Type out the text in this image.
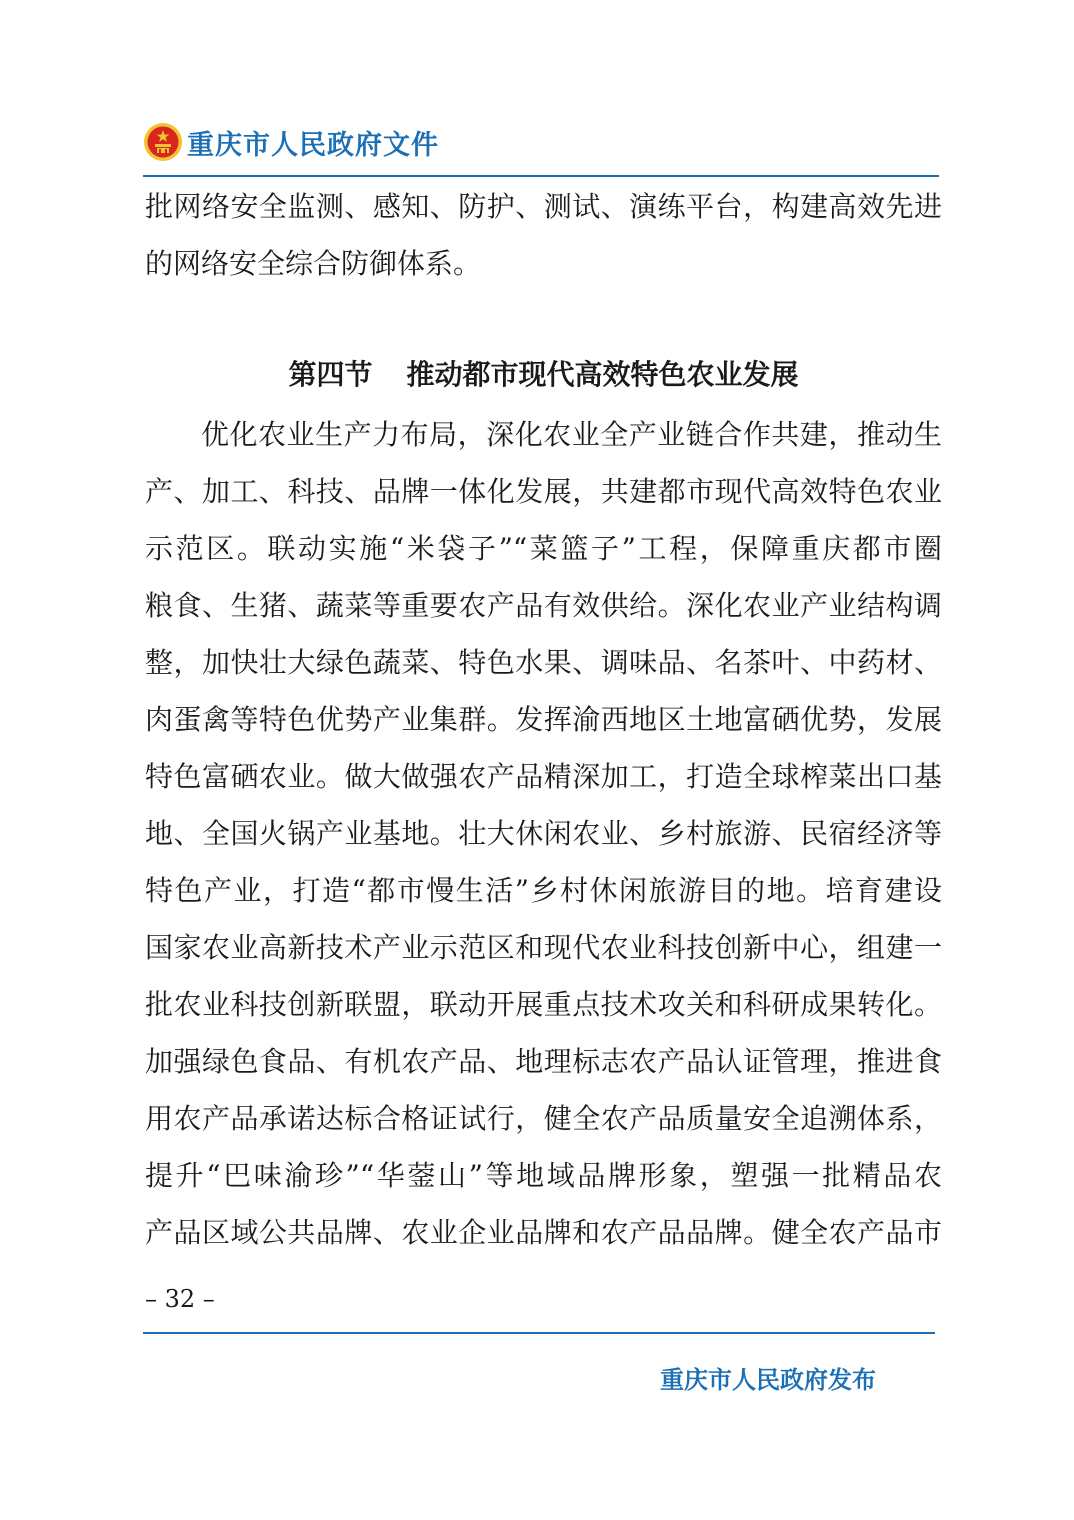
重庆市人民政府文件
批网络安全监测、感知、防护、测试、演练平台，构建高效先进
的网络安全综合防御体系。
第四节 推动都市现代高效特色农业发展
优化农业生产力布局，深化农业全产业链合作共建，推动生
产、加工、科技、品牌一体化发展，共建都市现代高效特色农业
示范区。联动实施“米袋子”“菜篮子”工程，保障重庆都市圈
粮食、生猪、蔬菜等重要农产品有效供给。深化农业产业结构调
整，加快壮大绿色蔬菜、特色水果、调味品、名茶叶、中药材、
肉蛋禽等特色优势产业集群。发挥渝西地区土地富硒优势，发展
特色富硒农业。做大做强农产品精深加工，打造全球榨菜出口基
地、全国火锅产业基地。壮大休闲农业、乡村旅游、民宿经济等
特色产业，打造“都市慢生活”乡村休闲旅游目的地。培育建设
国家农业高新技术产业示范区和现代农业科技创新中心，组建一
批农业科技创新联盟，联动开展重点技术攻关和科研成果转化。
加强绿色食品、有机农产品、地理标志农产品认证管理，推进食
用农产品承诺达标合格证试行，健全农产品质量安全追溯体系，
提升“巴味渝珍”“华蓥山”等地域品牌形象，塑强一批精品农
产品区域公共品牌、农业企业品牌和农产品品牌。健全农产品市
– 32 –
重庆市人民政府发布
